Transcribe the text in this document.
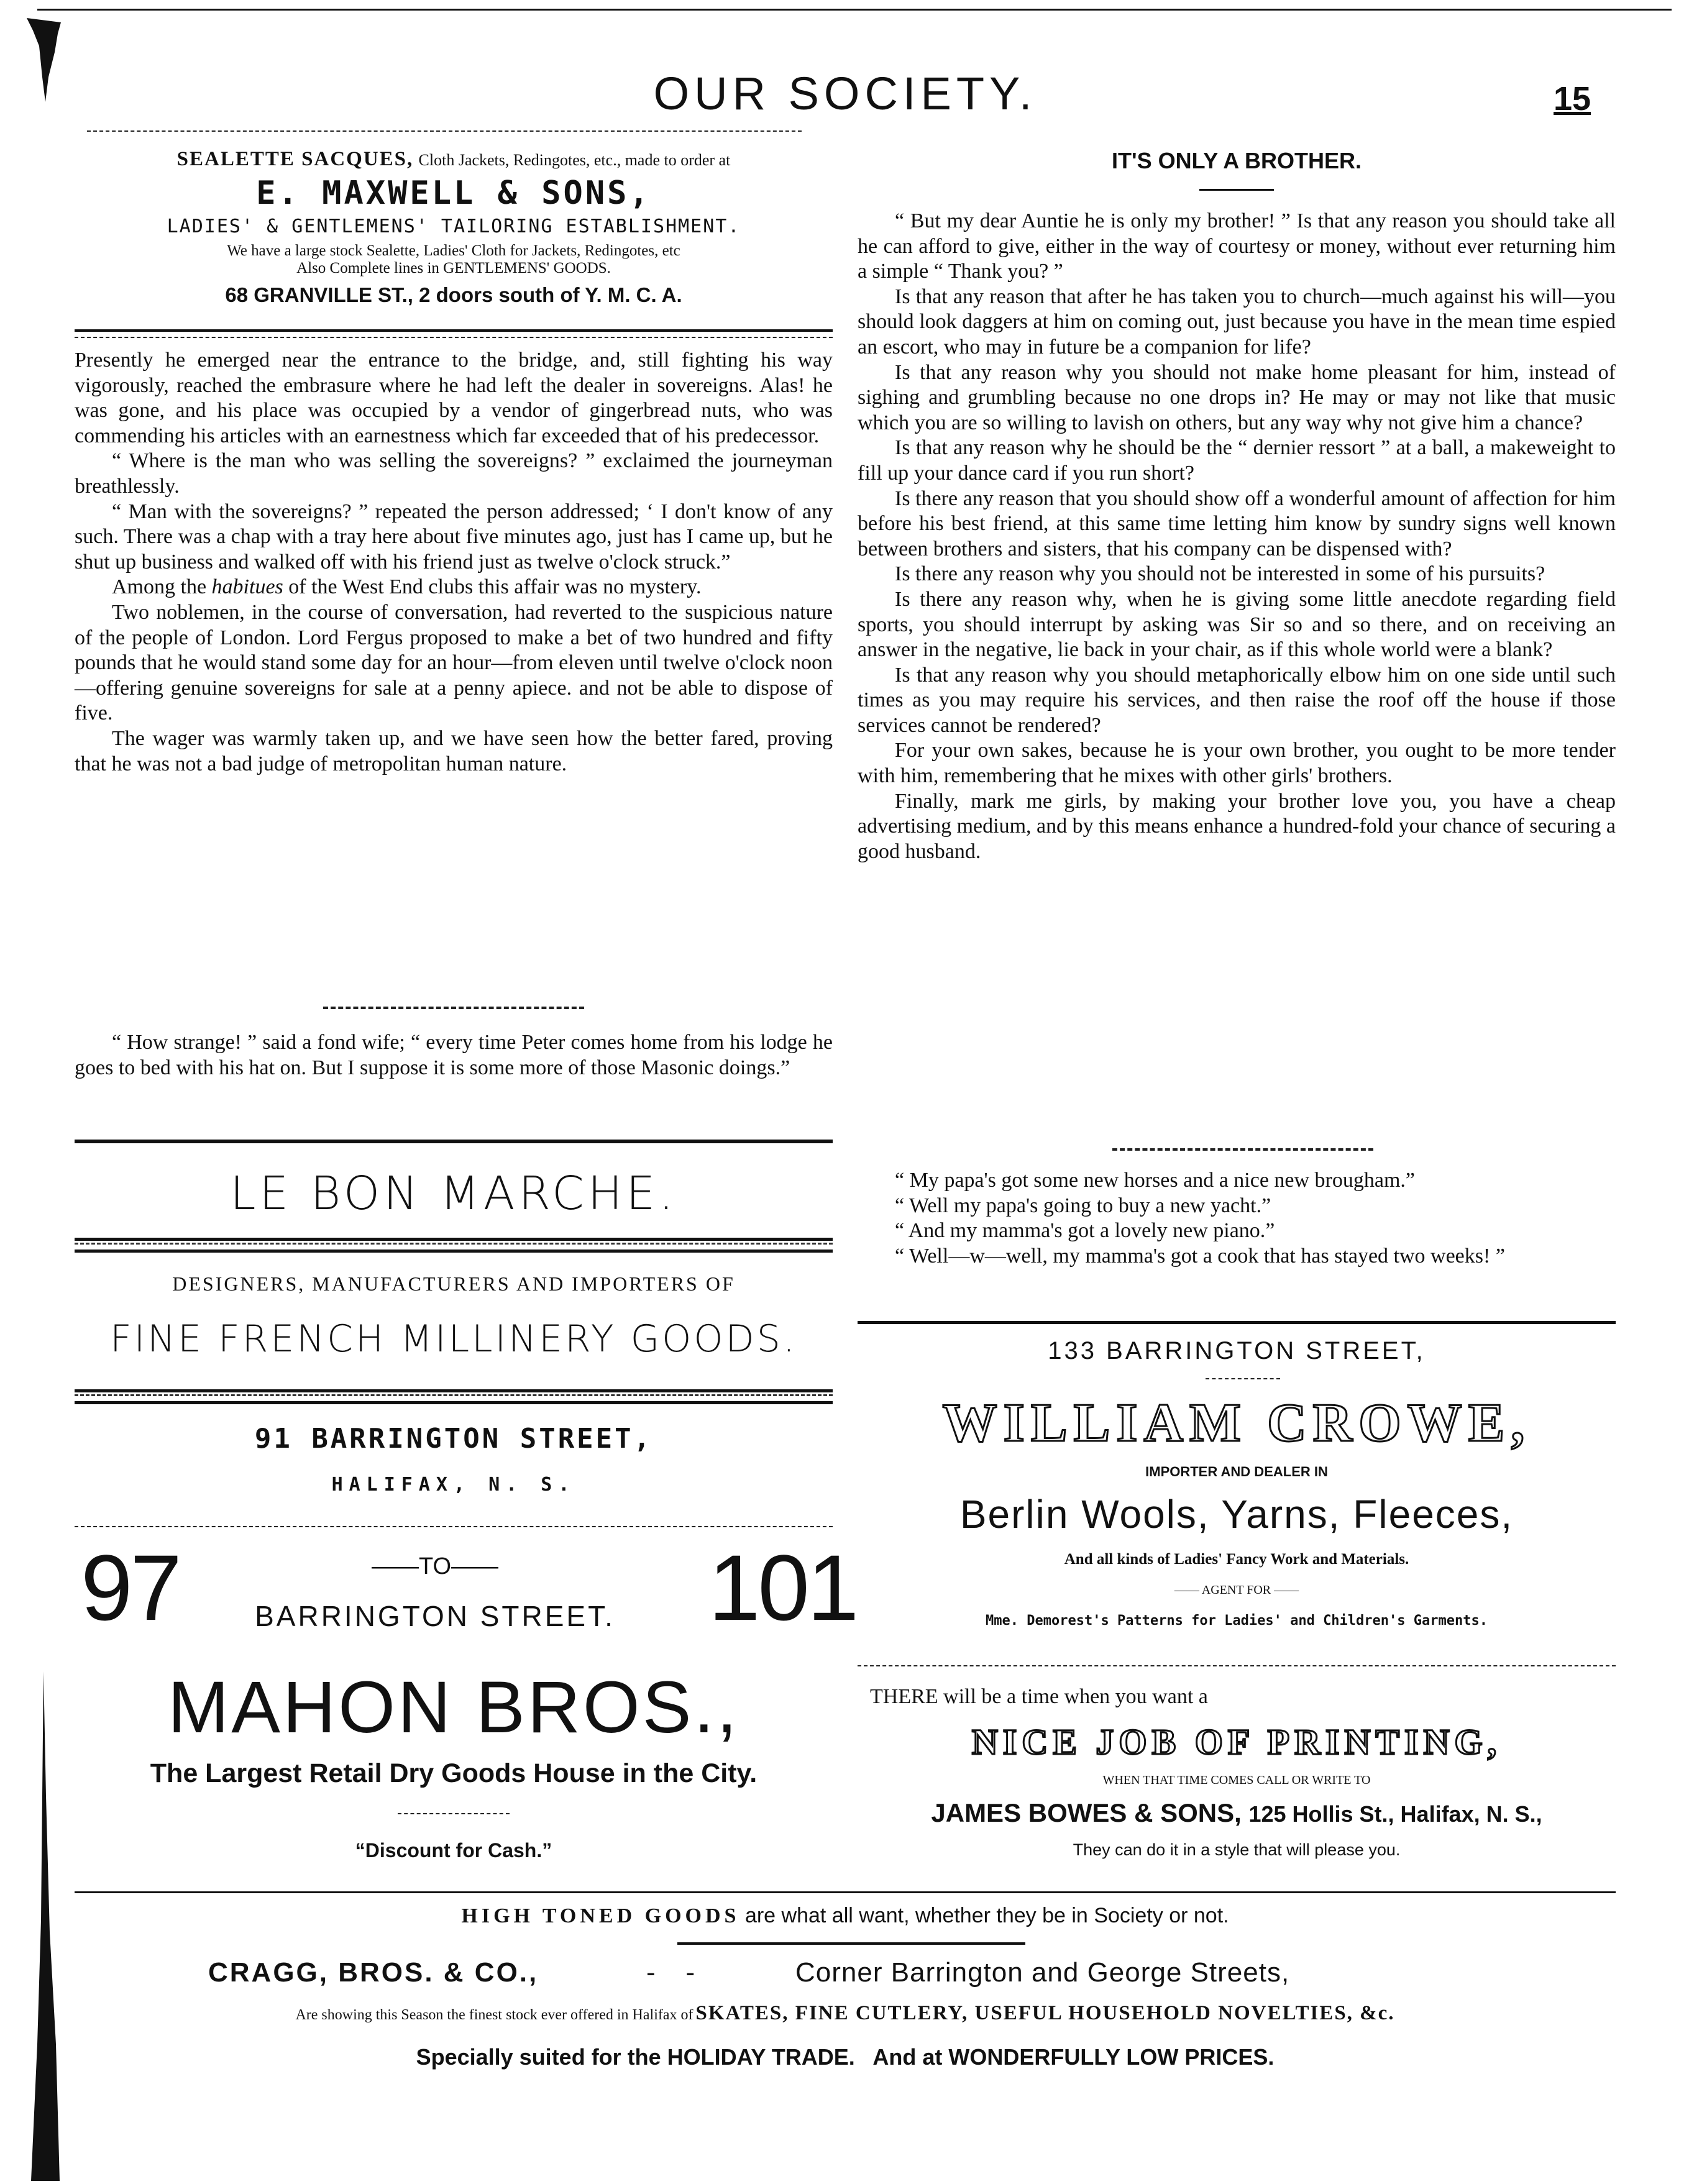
OUR SOCIETY.	15
SEALETTE SACQUES, Cloth Jackets, Redingotes, etc., made to order at
E. MAXWELL & SONS,
LADIES' & GENTLEMENS' TAILORING ESTABLISHMENT.
We have a large stock Sealette, Ladies' Cloth for Jackets, Redingotes, etc
Also Complete lines in GENTLEMENS' GOODS.
68 GRANVILLE ST., 2 doors south of Y. M. C. A.

Presently he emerged near the entrance to the bridge, and, still fighting his way vigorously, reached the embrasure where he had left the dealer in sovereigns. Alas! he was gone, and his place was occupied by a vendor of gingerbread nuts, who was commending his articles with an earnestness which far exceeded that of his predecessor.

“ Where is the man who was selling the sovereigns? ” exclaimed the journeyman breathlessly.

“ Man with the sovereigns? ” repeated the person addressed; ‘ I don't know of any such. There was a chap with a tray here about five minutes ago, just has I came up, but he shut up business and walked off with his friend just as twelve o'clock struck.”

Among the habitues of the West End clubs this affair was no mystery.

Two noblemen, in the course of conversation, had reverted to the suspicious nature of the people of London. Lord Fergus proposed to make a bet of two hundred and fifty pounds that he would stand some day for an hour—from eleven until twelve o'clock noon—offering genuine sovereigns for sale at a penny apiece. and not be able to dispose of five.

The wager was warmly taken up, and we have seen how the better fared, proving that he was not a bad judge of metropolitan human nature.

“ How strange! ” said a fond wife; “ every time Peter comes home from his lodge he goes to bed with his hat on. But I suppose it is some more of those Masonic doings.”

LE BON MARCHE.
DESIGNERS, MANUFACTURERS AND IMPORTERS OF
FINE FRENCH MILLINERY GOODS.
91 BARRINGTON STREET,
HALIFAX, N. S.
97	——TO——
BARRINGTON STREET.	101
MAHON BROS.,
The Largest Retail Dry Goods House in the City.
“Discount for Cash.”
IT'S ONLY A BROTHER.

“ But my dear Auntie he is only my brother! ” Is that any reason you should take all he can afford to give, either in the way of courtesy or money, without ever returning him a simple “ Thank you? ”

Is that any reason that after he has taken you to church—much against his will—you should look daggers at him on coming out, just because you have in the mean time espied an escort, who may in future be a companion for life?

Is that any reason why you should not make home pleasant for him, instead of sighing and grumbling because no one drops in? He may or may not like that music which you are so willing to lavish on others, but any way why not give him a chance?

Is that any reason why he should be the “ dernier ressort ” at a ball, a makeweight to fill up your dance card if you run short?

Is there any reason that you should show off a wonderful amount of affection for him before his best friend, at this same time letting him know by sundry signs well known between brothers and sisters, that his company can be dispensed with?

Is there any reason why you should not be interested in some of his pursuits?

Is there any reason why, when he is giving some little anecdote regarding field sports, you should interrupt by asking was Sir so and so there, and on receiving an answer in the negative, lie back in your chair, as if this whole world were a blank?

Is that any reason why you should metaphorically elbow him on one side until such times as you may require his services, and then raise the roof off the house if those services cannot be rendered?

For your own sakes, because he is your own brother, you ought to be more tender with him, remembering that he mixes with other girls' brothers.

Finally, mark me girls, by making your brother love you, you have a cheap advertising medium, and by this means enhance a hundred-fold your chance of securing a good husband.

“ My papa's got some new horses and a nice new brougham.”

“ Well my papa's going to buy a new yacht.”

“ And my mamma's got a lovely new piano.”

“ Well—w—well, my mamma's got a cook that has stayed two weeks! ”

133 BARRINGTON STREET,
WILLIAM CROWE,
IMPORTER AND DEALER IN
Berlin Wools, Yarns, Fleeces,
And all kinds of Ladies' Fancy Work and Materials.
—— AGENT FOR ——
Mme. Demorest's Patterns for Ladies' and Children's Garments.
THERE will be a time when you want a
NICE JOB OF PRINTING,
WHEN THAT TIME COMES CALL OR WRITE TO
JAMES BOWES & SONS, 125 Hollis St., Halifax, N. S.,
They can do it in a style that will please you.
HIGH TONED GOODS are what all want, whether they be in Society or not.
CRAGG, BROS. & CO.,	-    -	Corner Barrington and George Streets,
Are showing this Season the finest stock ever offered in Halifax of SKATES, FINE CUTLERY, USEFUL HOUSEHOLD NOVELTIES, &c.
Specially suited for the HOLIDAY TRADE.   And at WONDERFULLY LOW PRICES.
